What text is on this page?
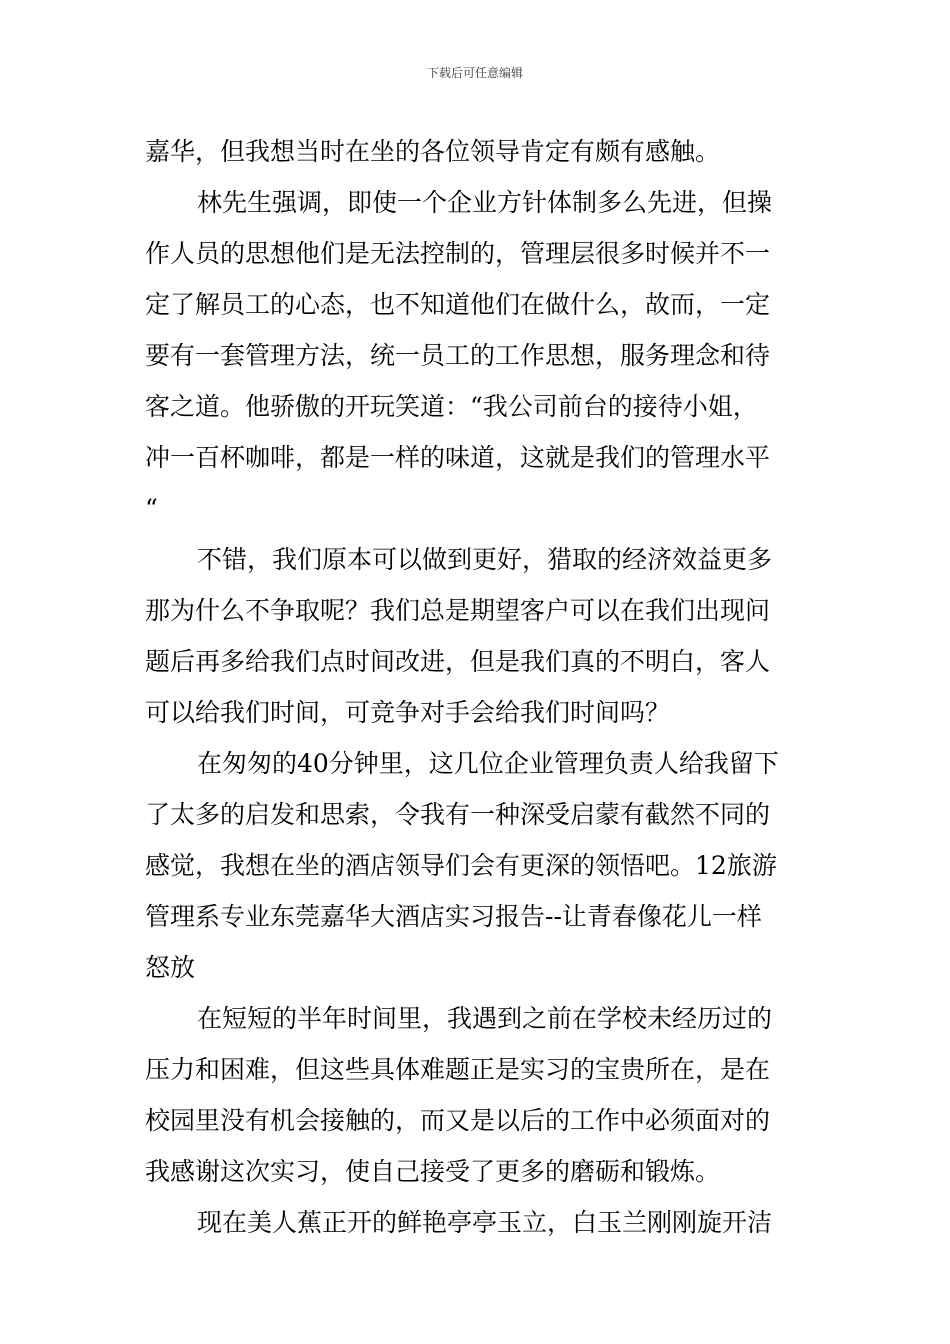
下载后可任意编辑
嘉华，但我想当时在坐的各位领导肯定有颇有感触。
林先生强调，即使一个企业方针体制多么先进，但操
作人员的思想他们是无法控制的，管理层很多时候并不一
定了解员工的心态，也不知道他们在做什么，故而，一定
要有一套管理方法，统一员工的工作思想，服务理念和待
客之道。他骄傲的开玩笑道：“我公司前台的接待小姐，
冲一百杯咖啡，都是一样的味道，这就是我们的管理水平
“
不错，我们原本可以做到更好，猎取的经济效益更多
那为什么不争取呢？我们总是期望客户可以在我们出现问
题后再多给我们点时间改进，但是我们真的不明白，客人
可以给我们时间，可竞争对手会给我们时间吗？
在匆匆的40分钟里，这几位企业管理负责人给我留下
了太多的启发和思索，令我有一种深受启蒙有截然不同的
感觉，我想在坐的酒店领导们会有更深的领悟吧。12旅游
管理系专业东莞嘉华大酒店实习报告--让青春像花儿一样
怒放
在短短的半年时间里，我遇到之前在学校未经历过的
压力和困难，但这些具体难题正是实习的宝贵所在，是在
校园里没有机会接触的，而又是以后的工作中必须面对的
我感谢这次实习，使自己接受了更多的磨砺和锻炼。
现在美人蕉正开的鲜艳亭亭玉立，白玉兰刚刚旋开洁
